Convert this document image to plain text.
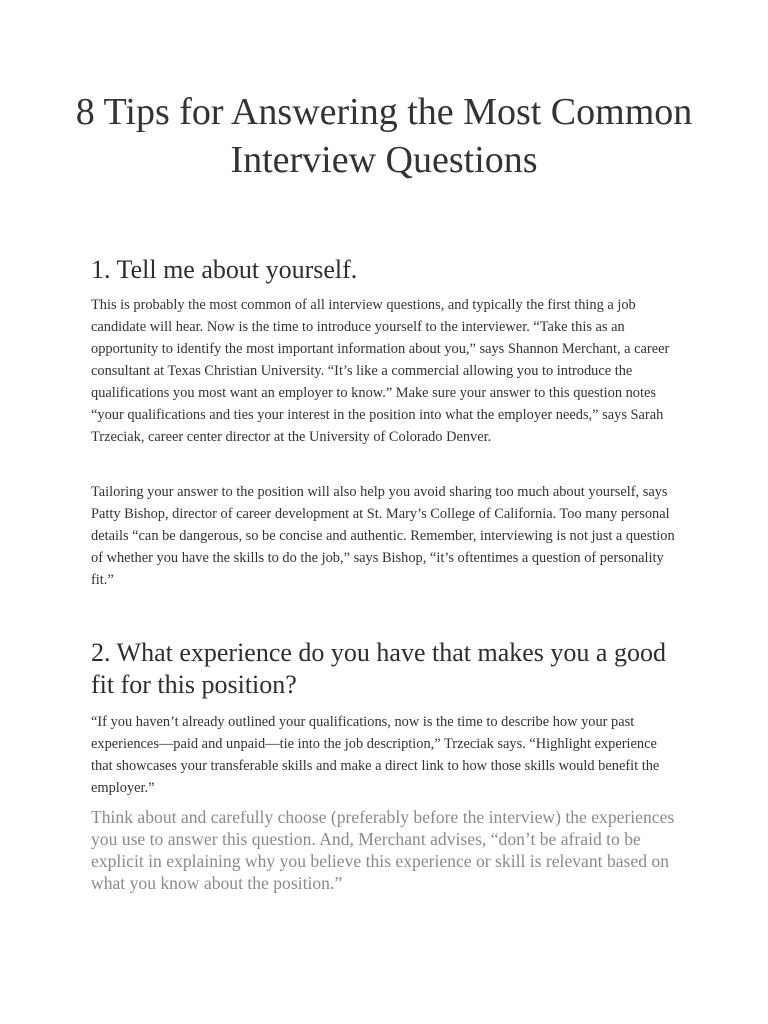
8 Tips for Answering the Most Common Interview Questions
1. Tell me about yourself.

This is probably the most common of all interview questions, and typically the first thing a job candidate will hear. Now is the time to introduce yourself to the interviewer. “Take this as an opportunity to identify the most important information about you,” says Shannon Merchant, a career consultant at Texas Christian University. “It’s like a commercial allowing you to introduce the qualifications you most want an employer to know.” Make sure your answer to this question notes “your qualifications and ties your interest in the position into what the employer needs,” says Sarah Trzeciak, career center director at the University of Colorado Denver.

Tailoring your answer to the position will also help you avoid sharing too much about yourself, says Patty Bishop, director of career development at St. Mary’s College of California. Too many personal details “can be dangerous, so be concise and authentic. Remember, interviewing is not just a question of whether you have the skills to do the job,” says Bishop, “it’s oftentimes a question of personality fit.”

2. What experience do you have that makes you a good fit for this position?

“If you haven’t already outlined your qualifications, now is the time to describe how your past experiences—paid and unpaid—tie into the job description,” Trzeciak says. “Highlight experience that showcases your transferable skills and make a direct link to how those skills would benefit the employer.”

Think about and carefully choose (preferably before the interview) the experiences you use to answer this question. And, Merchant advises, “don’t be afraid to be explicit in explaining why you believe this experience or skill is relevant based on what you know about the position.”
